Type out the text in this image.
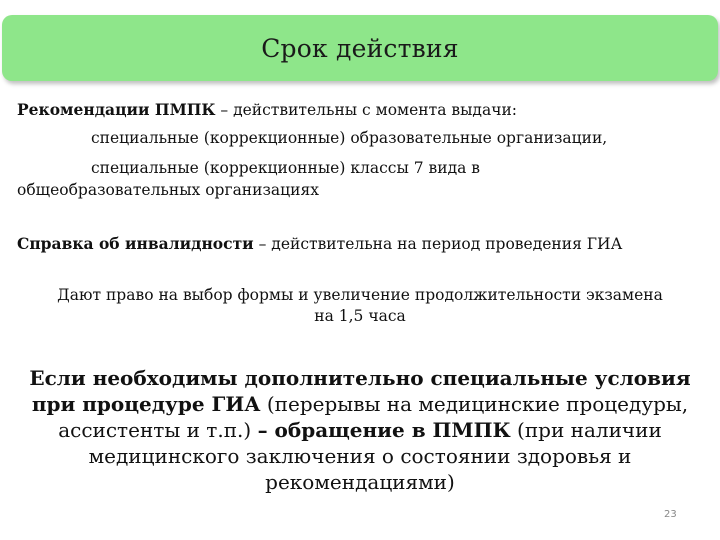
Срок действия
Рекомендации ПМПК – действительны с момента выдачи:
специальные (коррекционные) образовательные организации,
специальные (коррекционные) классы 7 вида в
общеобразовательных организациях
Справка об инвалидности – действительна на период проведения ГИА
Дают право на выбор формы и увеличение продолжительности экзамена
на 1,5 часа
Если необходимы дополнительно специальные условия при процедуре ГИА (перерывы на медицинские процедуры, ассистенты и т.п.) – обращение в ПМПК (при наличии медицинского заключения о состоянии здоровья и рекомендациями)
23
